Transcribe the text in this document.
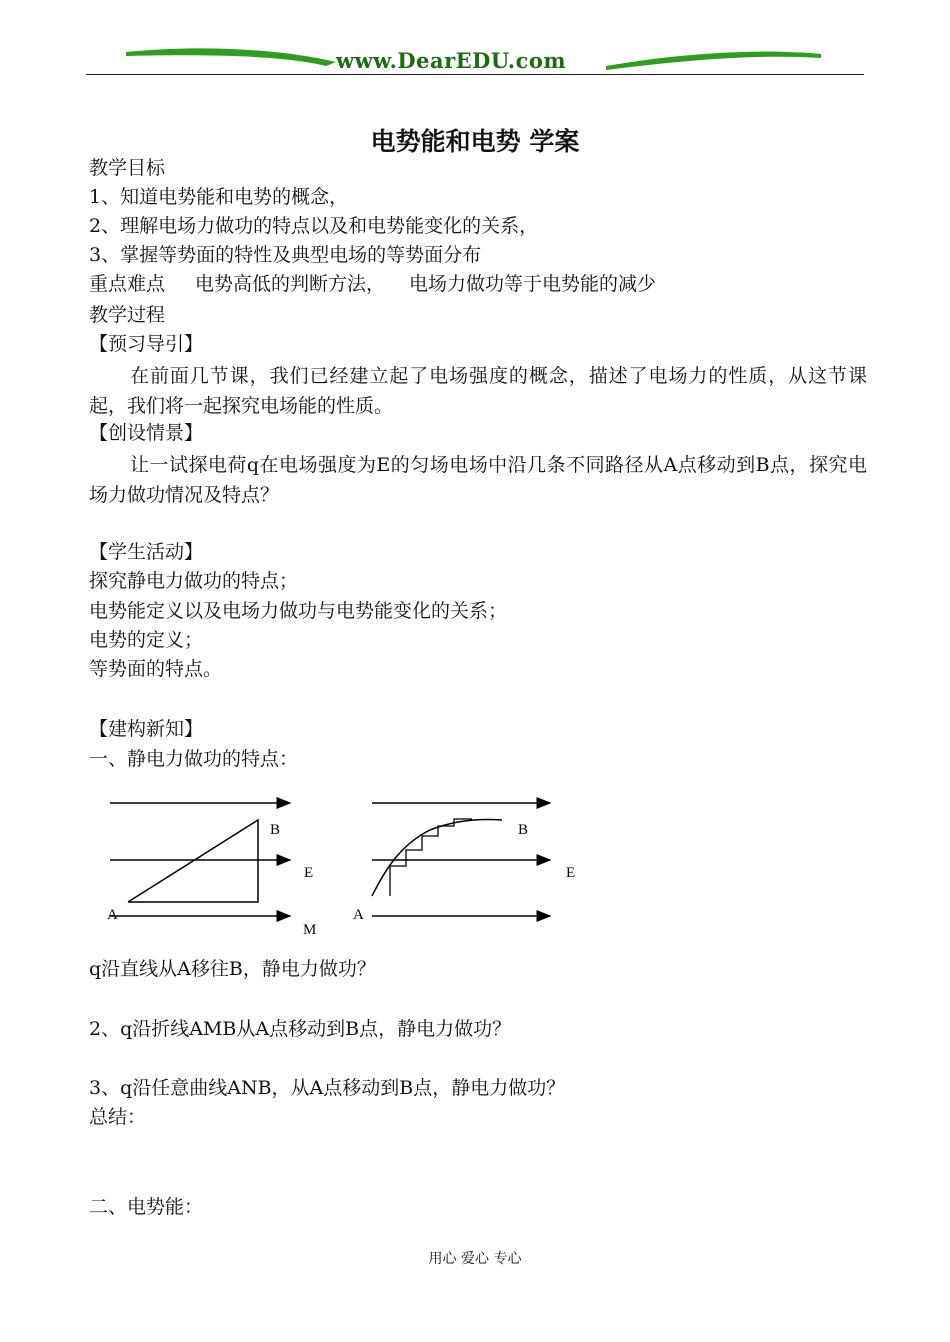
www.DearEDU.com
电势能和电势 学案
教学目标
1、知道电势能和电势的概念，
2、理解电场力做功的特点以及和电势能变化的关系，
3、掌握等势面的特性及典型电场的等势面分布
重点难点 电势高低的判断方法， 电场力做功等于电势能的减少
教学过程
【预习导引】
在前面几节课，我们已经建立起了电场强度的概念，描述了电场力的性质，从这节课起，我们将一起探究电场能的性质。
【创设情景】
让一试探电荷q在电场强度为E的匀场电场中沿几条不同路径从A点移动到B点，探究电场力做功情况及特点？
【学生活动】
探究静电力做功的特点；
电势能定义以及电场力做功与电势能变化的关系；
电势的定义；
等势面的特点。
【建构新知】
一、静电力做功的特点：
B
E
A
M
B
E
A
q沿直线从A移往B，静电力做功？
2、q沿折线AMB从A点移动到B点，静电力做功？
3、q沿任意曲线ANB，从A点移动到B点，静电力做功？
总结：
二、电势能：
用心 爱心 专心
